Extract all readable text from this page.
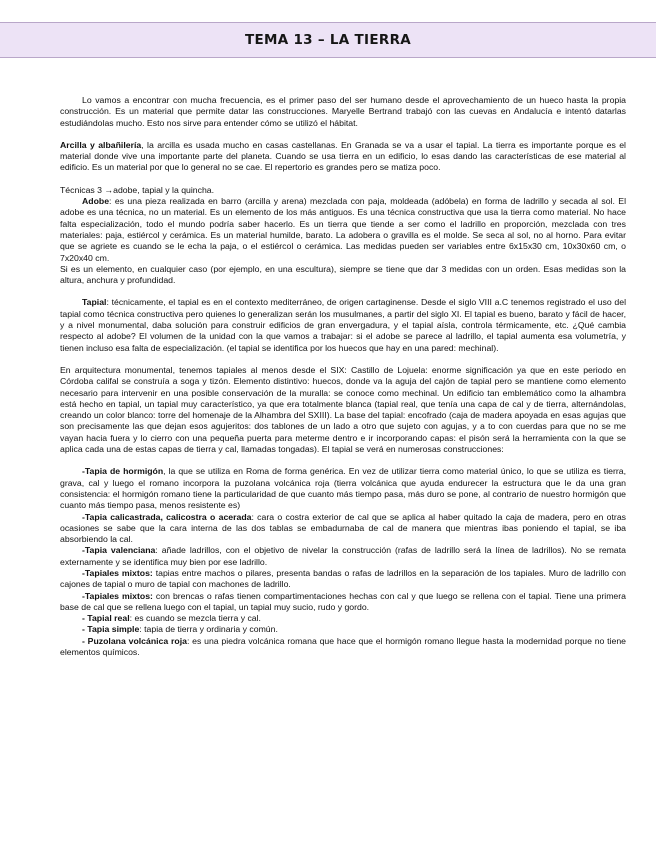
TEMA 13 – LA TIERRA

Lo vamos a encontrar con mucha frecuencia, es el primer paso del ser humano desde el aprovechamiento de un hueco hasta la propia construcción. Es un material que permite datar las construcciones. Maryelle Bertrand trabajó con las cuevas en Andalucía e intentó datarlas estudiándolas mucho. Esto nos sirve para entender cómo se utilizó el hábitat.

Arcilla y albañilería, la arcilla es usada mucho en casas castellanas. En Granada se va a usar el tapial. La tierra es importante porque es el material donde vive una importante parte del planeta. Cuando se usa tierra en un edificio, lo esas dando las características de ese material al edificio. Es un material por que lo general no se cae. El repertorio es grandes pero se matiza poco.

Técnicas 3 →adobe, tapial y la quincha.

Adobe: es una pieza realizada en barro (arcilla y arena) mezclada con paja, moldeada (adóbela) en forma de ladrillo y secada al sol. El adobe es una técnica, no un material. Es un elemento de los más antiguos. Es una técnica constructiva que usa la tierra como material. No hace falta especialización, todo el mundo podría saber hacerlo. Es un tierra que tiende a ser como el ladrillo en proporción, mezclada con tres materiales: paja, estiércol y cerámica. Es un material humilde, barato. La adobera o gravilla es el molde. Se seca al sol, no al horno. Para evitar que se agriete es cuando se le echa la paja, o el estiércol o cerámica. Las medidas pueden ser variables entre 6x15x30 cm, 10x30x60 cm, o 7x20x40 cm.

Si es un elemento, en cualquier caso (por ejemplo, en una escultura), siempre se tiene que dar 3 medidas con un orden. Esas medidas son la altura, anchura y profundidad.

Tapial: técnicamente, el tapial es en el contexto mediterráneo, de origen cartaginense. Desde el siglo VIII a.C tenemos registrado el uso del tapial como técnica constructiva pero quienes lo generalizan serán los musulmanes, a partir del siglo XI. El tapial es bueno, barato y fácil de hacer, y a nivel monumental, daba solución para construir edificios de gran envergadura, y el tapial aísla, controla térmicamente, etc. ¿Qué cambia respecto al adobe? El volumen de la unidad con la que vamos a trabajar: si el adobe se parece al ladrillo, el tapial aumenta esa volumetría, y tienen incluso esa falta de especialización. (el tapial se identifica por los huecos que hay en una pared: mechinal).

En arquitectura monumental, tenemos tapiales al menos desde el SIX: Castillo de Lojuela: enorme significación ya que en este periodo en Córdoba califal se construía a soga y tizón. Elemento distintivo: huecos, donde va la aguja del cajón de tapial pero se mantiene como elemento necesario para intervenir en una posible conservación de la muralla: se conoce como mechinal. Un edificio tan emblemático como la alhambra está hecho en tapial, un tapial muy característico, ya que era totalmente blanca (tapial real, que tenía una capa de cal y de tierra, alternándolas, creando un color blanco: torre del homenaje de la Alhambra del SXIII). La base del tapial: encofrado (caja de madera apoyada en esas agujas que son precisamente las que dejan esos agujeritos: dos tablones de un lado a otro que sujeto con agujas, y a to con cuerdas para que no se me vayan hacia fuera y lo cierro con una pequeña puerta para meterme dentro e ir incorporando capas: el pisón será la herramienta con la que se aplica cada una de estas capas de tierra y cal, llamadas tongadas). El tapial se verá en numerosas construcciones:

-Tapia de hormigón, la que se utiliza en Roma de forma genérica. En vez de utilizar tierra como material único, lo que se utiliza es tierra, grava, cal y luego el romano incorpora la puzolana volcánica roja (tierra volcánica que ayuda endurecer la estructura que le da una gran consistencia: el hormigón romano tiene la particularidad de que cuanto más tiempo pasa, más duro se pone, al contrario de nuestro hormigón que cuanto más tiempo pasa, menos resistente es)

-Tapia calicastrada, calicostra o acerada: cara o costra exterior de cal que se aplica al haber quitado la caja de madera, pero en otras ocasiones se sabe que la cara interna de las dos tablas se embadurnaba de cal de manera que mientras ibas poniendo el tapial, se iba absorbiendo la cal.

-Tapia valenciana: añade ladrillos, con el objetivo de nivelar la construcción (rafas de ladrillo será la línea de ladrillos). No se remata externamente y se identifica muy bien por ese ladrillo.

-Tapiales mixtos: tapias entre machos o pilares, presenta bandas o rafas de ladrillos en la separación de los tapiales. Muro de ladrillo con cajones de tapial o muro de tapial con machones de ladrillo.

-Tapiales mixtos: con brencas o rafas tienen compartimentaciones hechas con cal y que luego se rellena con el tapial. Tiene una primera base de cal que se rellena luego con el tapial, un tapial muy sucio, rudo y gordo.

- Tapial real: es cuando se mezcla tierra y cal.

- Tapia simple: tapia de tierra y ordinaria y común.

- Puzolana volcánica roja: es una piedra volcánica romana que hace que el hormigón romano llegue hasta la modernidad porque no tiene elementos químicos.
